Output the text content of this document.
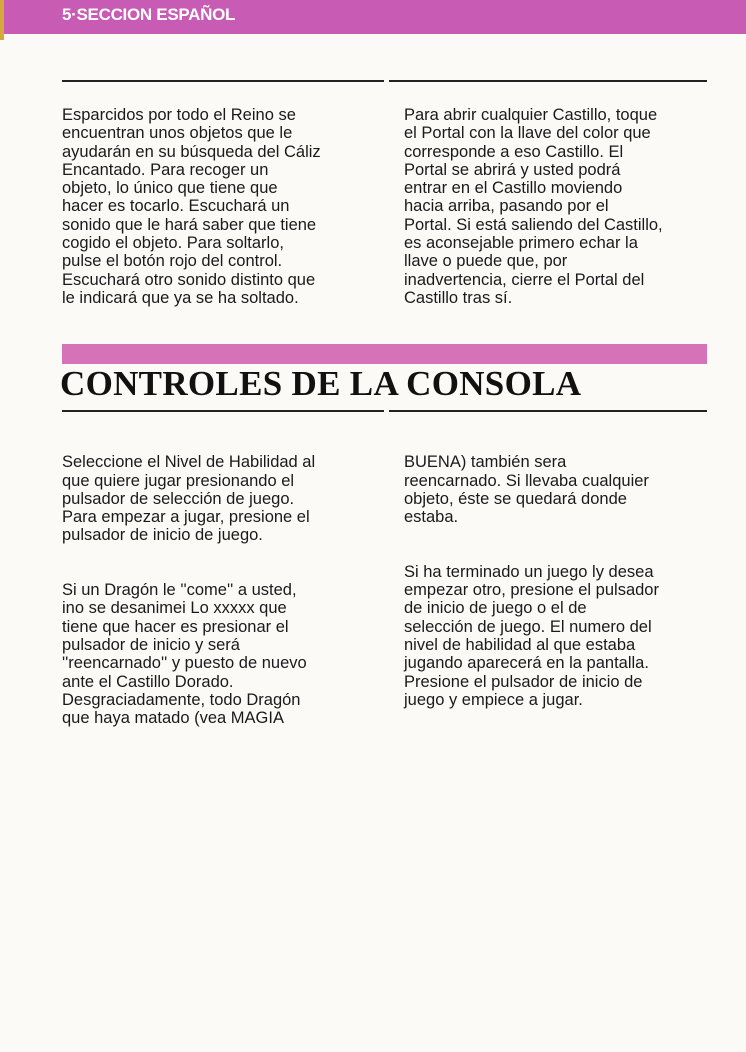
5·SECCION ESPAÑOL
Esparcidos por todo el Reino se
encuentran unos objetos que le
ayudarán en su búsqueda del Cáliz
Encantado. Para recoger un
objeto, lo único que tiene que
hacer es tocarlo. Escuchará un
sonido que le hará saber que tiene
cogido el objeto. Para soltarlo,
pulse el botón rojo del control.
Escuchará otro sonido distinto que
le indicará que ya se ha soltado.
Para abrir cualquier Castillo, toque
el Portal con la llave del color que
corresponde a eso Castillo. El
Portal se abrirá y usted podrá
entrar en el Castillo moviendo
hacia arriba, pasando por el
Portal. Si está saliendo del Castillo,
es aconsejable primero echar la
llave o puede que, por
inadvertencia, cierre el Portal del
Castillo tras sí.
CONTROLES DE LA CONSOLA

Seleccione el Nivel de Habilidad al
que quiere jugar presionando el
pulsador de selección de juego.
Para empezar a jugar, presione el
pulsador de inicio de juego.

Si un Dragón le ''come'' a usted,
ino se desanimei Lo xxxxx que
tiene que hacer es presionar el
pulsador de inicio y será
''reencarnado'' y puesto de nuevo
ante el Castillo Dorado.
Desgraciadamente, todo Dragón
que haya matado (vea MAGIA

BUENA) también sera
reencarnado. Si llevaba cualquier
objeto, éste se quedará donde
estaba.

Si ha terminado un juego ly desea
empezar otro, presione el pulsador
de inicio de juego o el de
selección de juego. El numero del
nivel de habilidad al que estaba
jugando aparecerá en la pantalla.
Presione el pulsador de inicio de
juego y empiece a jugar.
